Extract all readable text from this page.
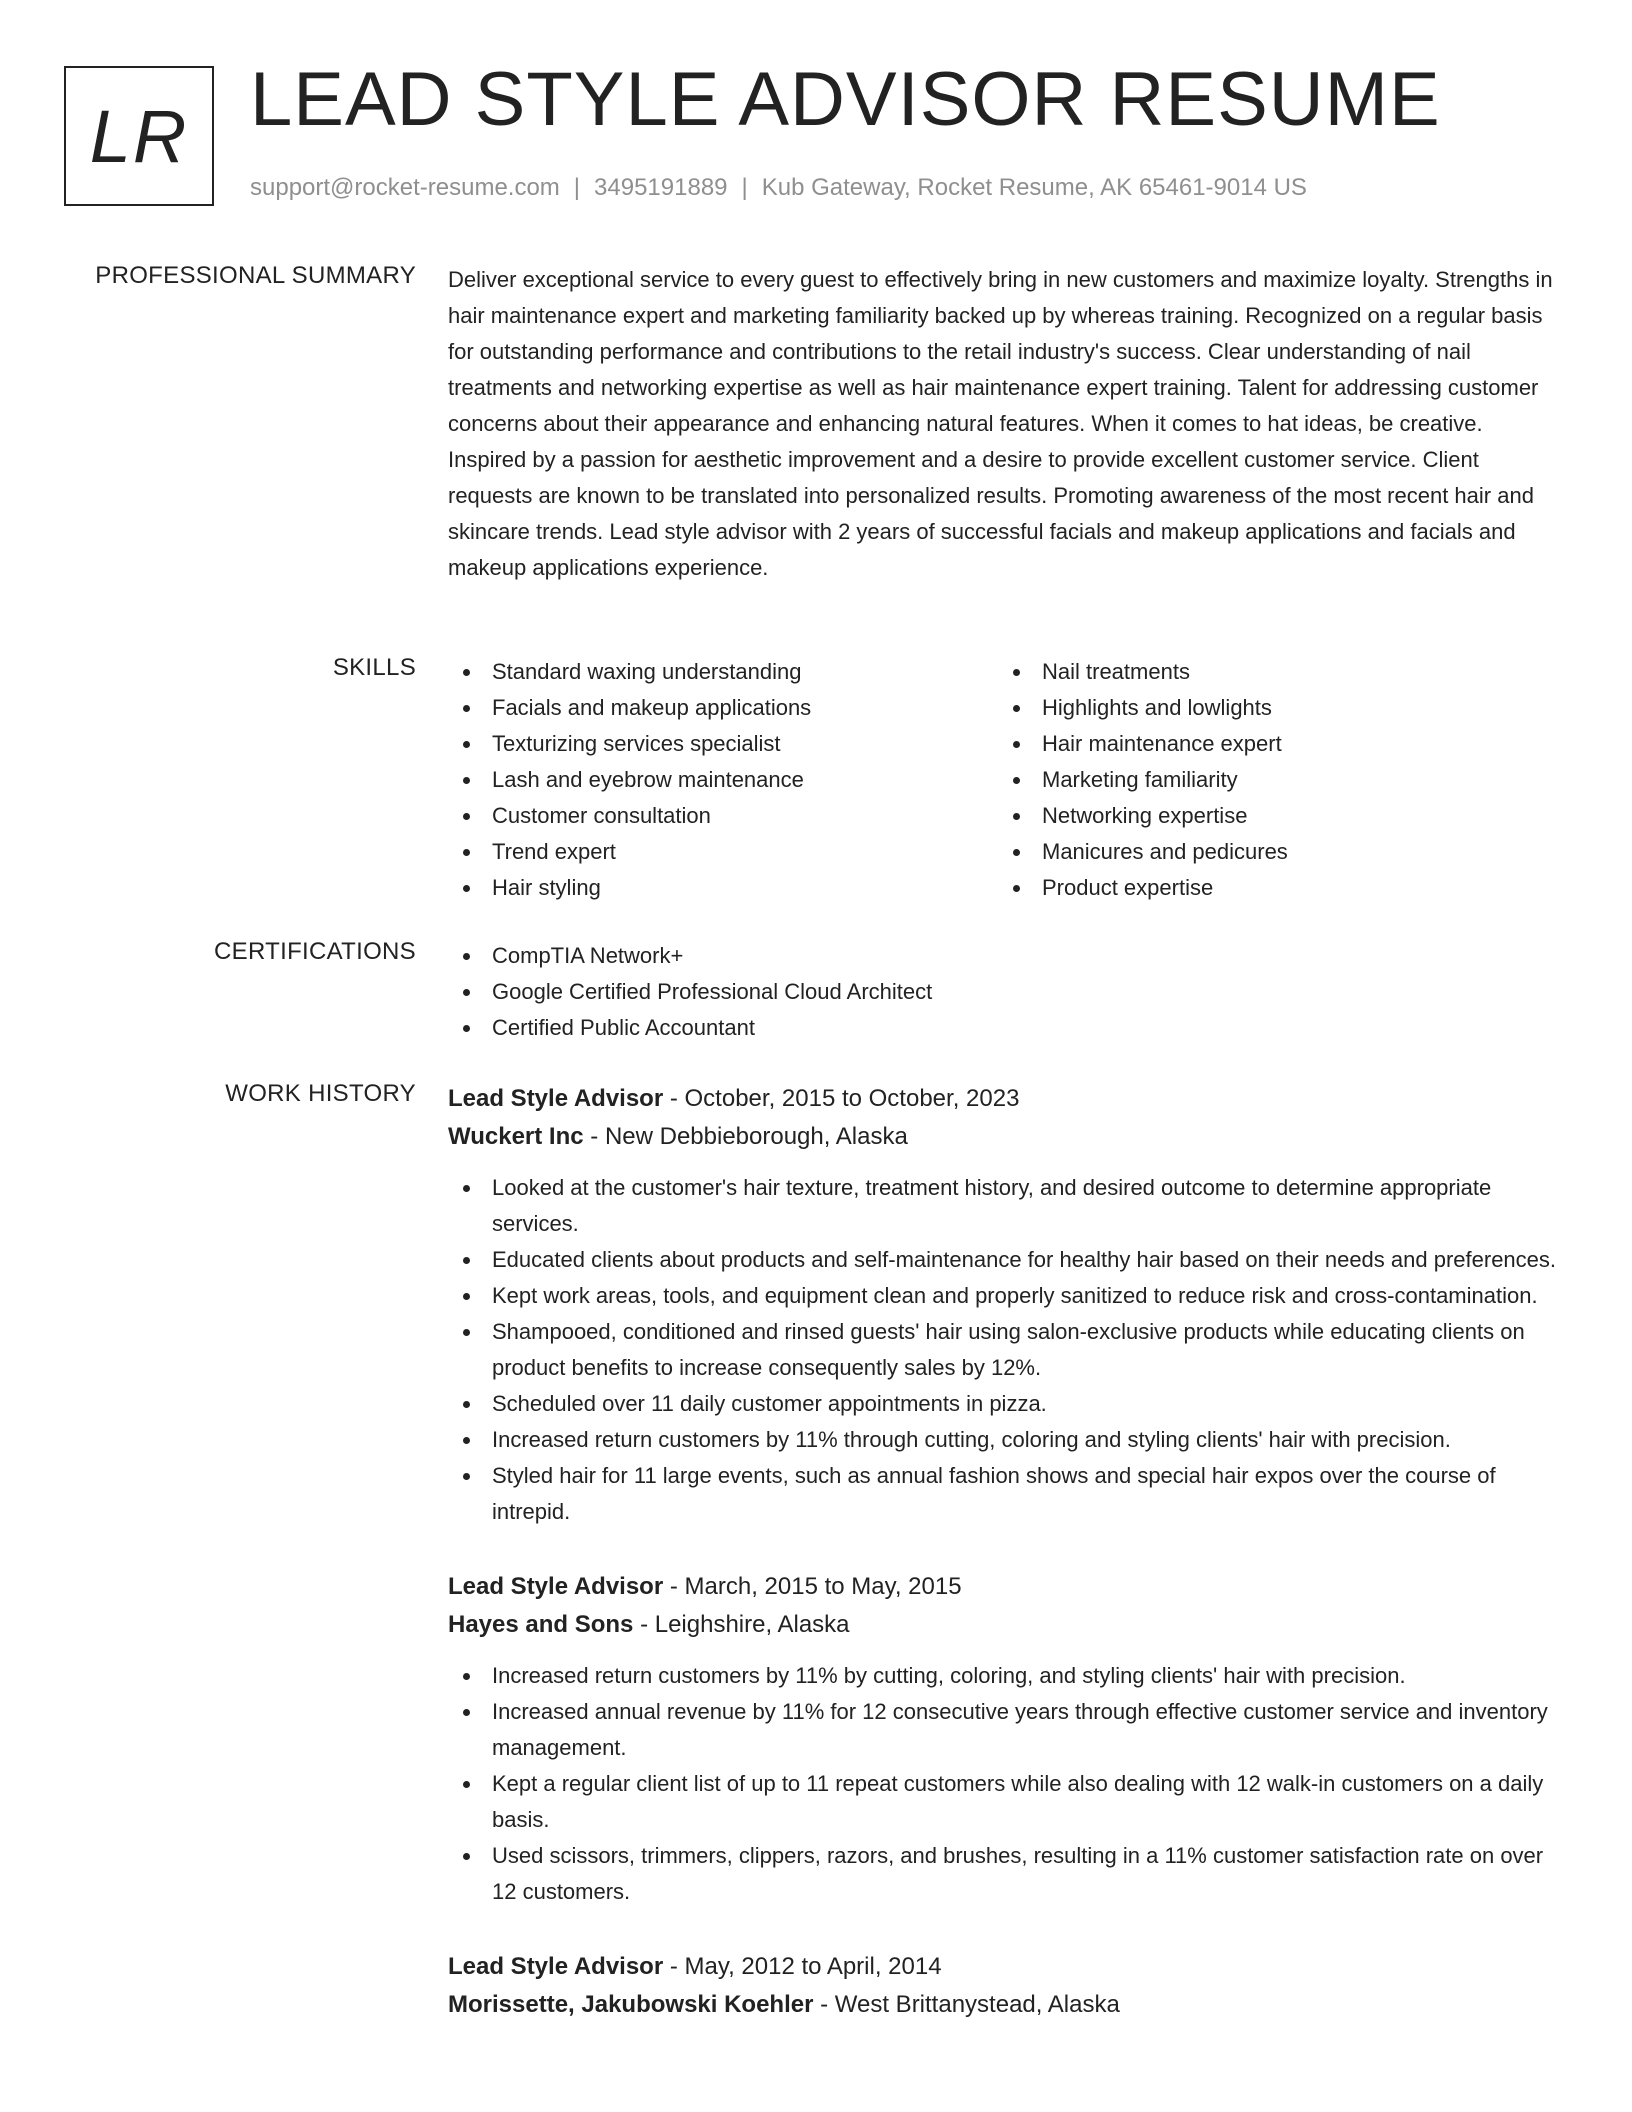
LR LEAD STYLE ADVISOR RESUME
support@rocket-resume.com | 3495191889 | Kub Gateway, Rocket Resume, AK 65461-9014 US
PROFESSIONAL SUMMARY Deliver exceptional service to every guest to effectively bring in new customers and maximize loyalty. Strengths in hair maintenance expert and marketing familiarity backed up by whereas training. Recognized on a regular basis for outstanding performance and contributions to the retail industry's success. Clear understanding of nail treatments and networking expertise as well as hair maintenance expert training. Talent for addressing customer concerns about their appearance and enhancing natural features. When it comes to hat ideas, be creative. Inspired by a passion for aesthetic improvement and a desire to provide excellent customer service. Client requests are known to be translated into personalized results. Promoting awareness of the most recent hair and skincare trends. Lead style advisor with 2 years of successful facials and makeup applications and facials and makeup applications experience.

SKILLS	Standard waxing understanding
Facials and makeup applications
Texturizing services specialist
Lash and eyebrow maintenance
Customer consultation
Trend expert
Hair styling
Nail treatments
Highlights and lowlights
Hair maintenance expert
Marketing familiarity
Networking expertise
Manicures and pedicures
Product expertise
CERTIFICATIONS	CompTIA Network+
Google Certified Professional Cloud Architect
Certified Public Accountant
WORK HISTORY Lead Style Advisor - October, 2015 to October, 2023
Wuckert Inc - New Debbieborough, Alaska
Looked at the customer's hair texture, treatment history, and desired outcome to determine appropriate services.
Educated clients about products and self-maintenance for healthy hair based on their needs and preferences.
Kept work areas, tools, and equipment clean and properly sanitized to reduce risk and cross-contamination.
Shampooed, conditioned and rinsed guests' hair using salon-exclusive products while educating clients on product benefits to increase consequently sales by 12%.
Scheduled over 11 daily customer appointments in pizza.
Increased return customers by 11% through cutting, coloring and styling clients' hair with precision.
Styled hair for 11 large events, such as annual fashion shows and special hair expos over the course of intrepid.
Lead Style Advisor - March, 2015 to May, 2015
Hayes and Sons - Leighshire, Alaska
Increased return customers by 11% by cutting, coloring, and styling clients' hair with precision.
Increased annual revenue by 11% for 12 consecutive years through effective customer service and inventory management.
Kept a regular client list of up to 11 repeat customers while also dealing with 12 walk-in customers on a daily basis.
Used scissors, trimmers, clippers, razors, and brushes, resulting in a 11% customer satisfaction rate on over 12 customers.
Lead Style Advisor - May, 2012 to April, 2014
Morissette, Jakubowski Koehler - West Brittanystead, Alaska
